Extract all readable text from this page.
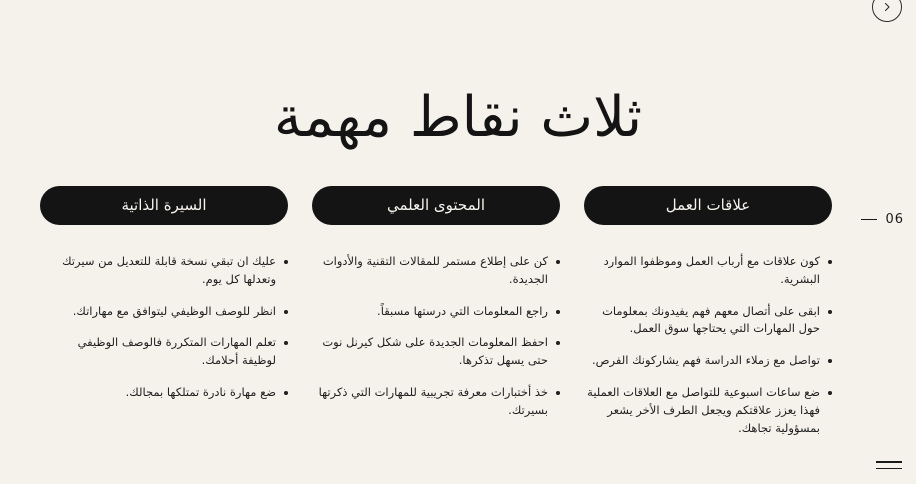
ثلاث نقاط مهمة
06
السيرة الذاتية
عليك ان تبقي نسخة قابلة للتعديل من سيرتك وتعدلها كل يوم.
انظر للوصف الوظيفي ليتوافق مع مهاراتك.
تعلم المهارات المتكررة فالوصف الوظيفي لوظيفة أحلامك.
ضع مهارة نادرة تمتلكها بمجالك.
المحتوى العلمي
كن على إطلاع مستمر للمقالات التقنية والأدوات الجديدة.
راجع المعلومات التي درستها مسبقاً.
احفظ المعلومات الجديدة على شكل كيرنل نوت حتى يسهل تذكرها.
خذ أختبارات معرفة تجريبية للمهارات التي ذكرتها بسيرتك.
علاقات العمل
كون علاقات مع أرباب العمل وموظفوا الموارد البشرية.
ابقى على أتصال معهم فهم يفيدونك بمعلومات حول المهارات التي يحتاجها سوق العمل.
تواصل مع زملاء الدراسة فهم يشاركونك الفرص.
ضع ساعات اسبوعية للتواصل مع العلاقات العملية فهذا يعزز علاقتكم ويجعل الطرف الأخر يشعر بمسؤولية تجاهك.
